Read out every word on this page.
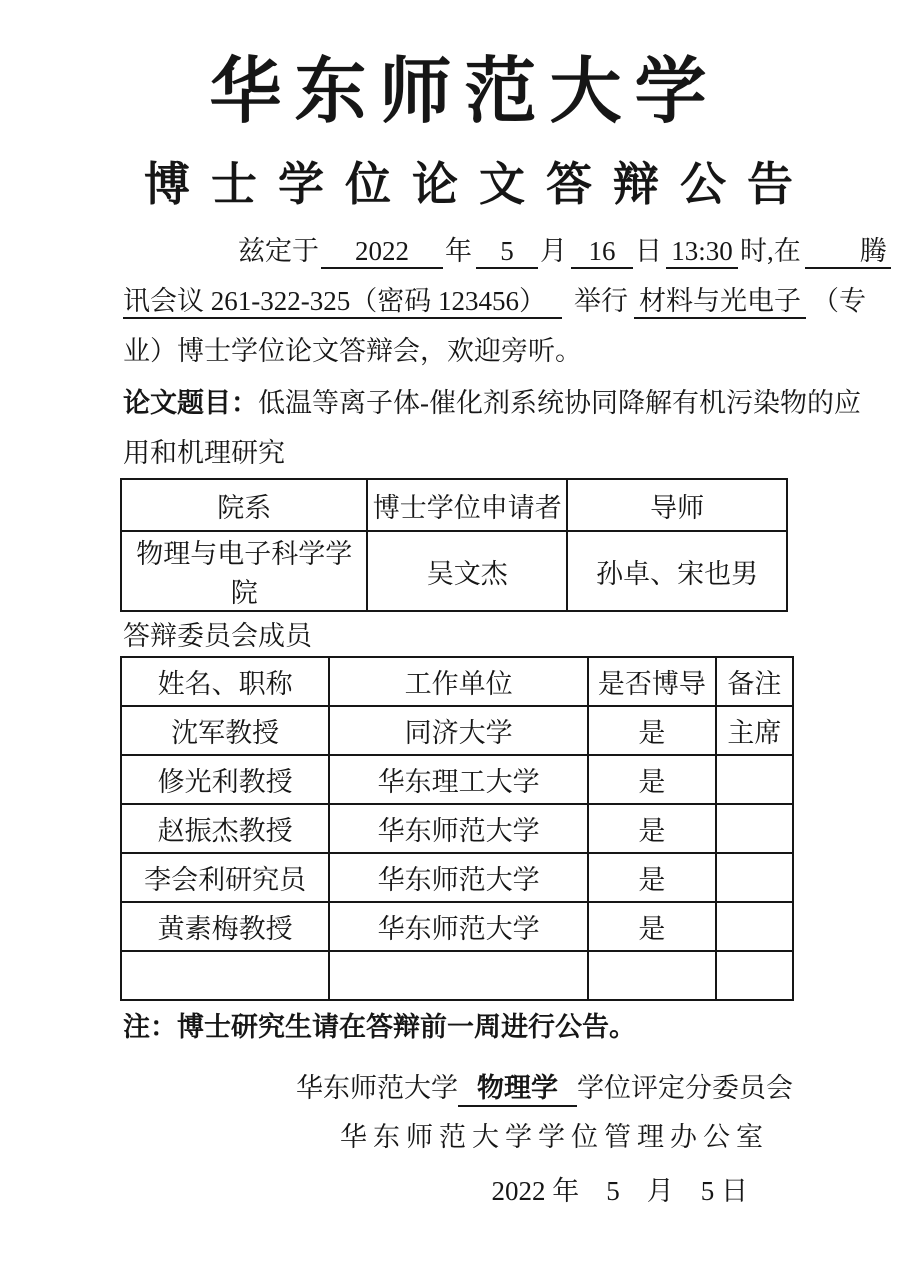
华东师范大学
博士学位论文答辩公告

兹定于 2022 年 5 月 16 日 13:30 时,在 腾

讯会议 261-322-325（密码 123456） 举行 材料与光电子 （专

业）博士学位论文答辩会，欢迎旁听。

论文题目：低温等离子体-催化剂系统协同降解有机污染物的应

用和机理研究

院系	博士学位申请者	导师
物理与电子科学学院	吴文杰	孙卓、宋也男

答辩委员会成员

姓名、职称	工作单位	是否博导	备注
沈军教授	同济大学	是	主席
修光利教授	华东理工大学	是	
赵振杰教授	华东师范大学	是	
李会利研究员	华东师范大学	是	
黄素梅教授	华东师范大学	是	

注：博士研究生请在答辩前一周进行公告。

华东师范大学 物理学 学位评定分委员会

华东师范大学学位管理办公室

2022 年　5　月　5 日
